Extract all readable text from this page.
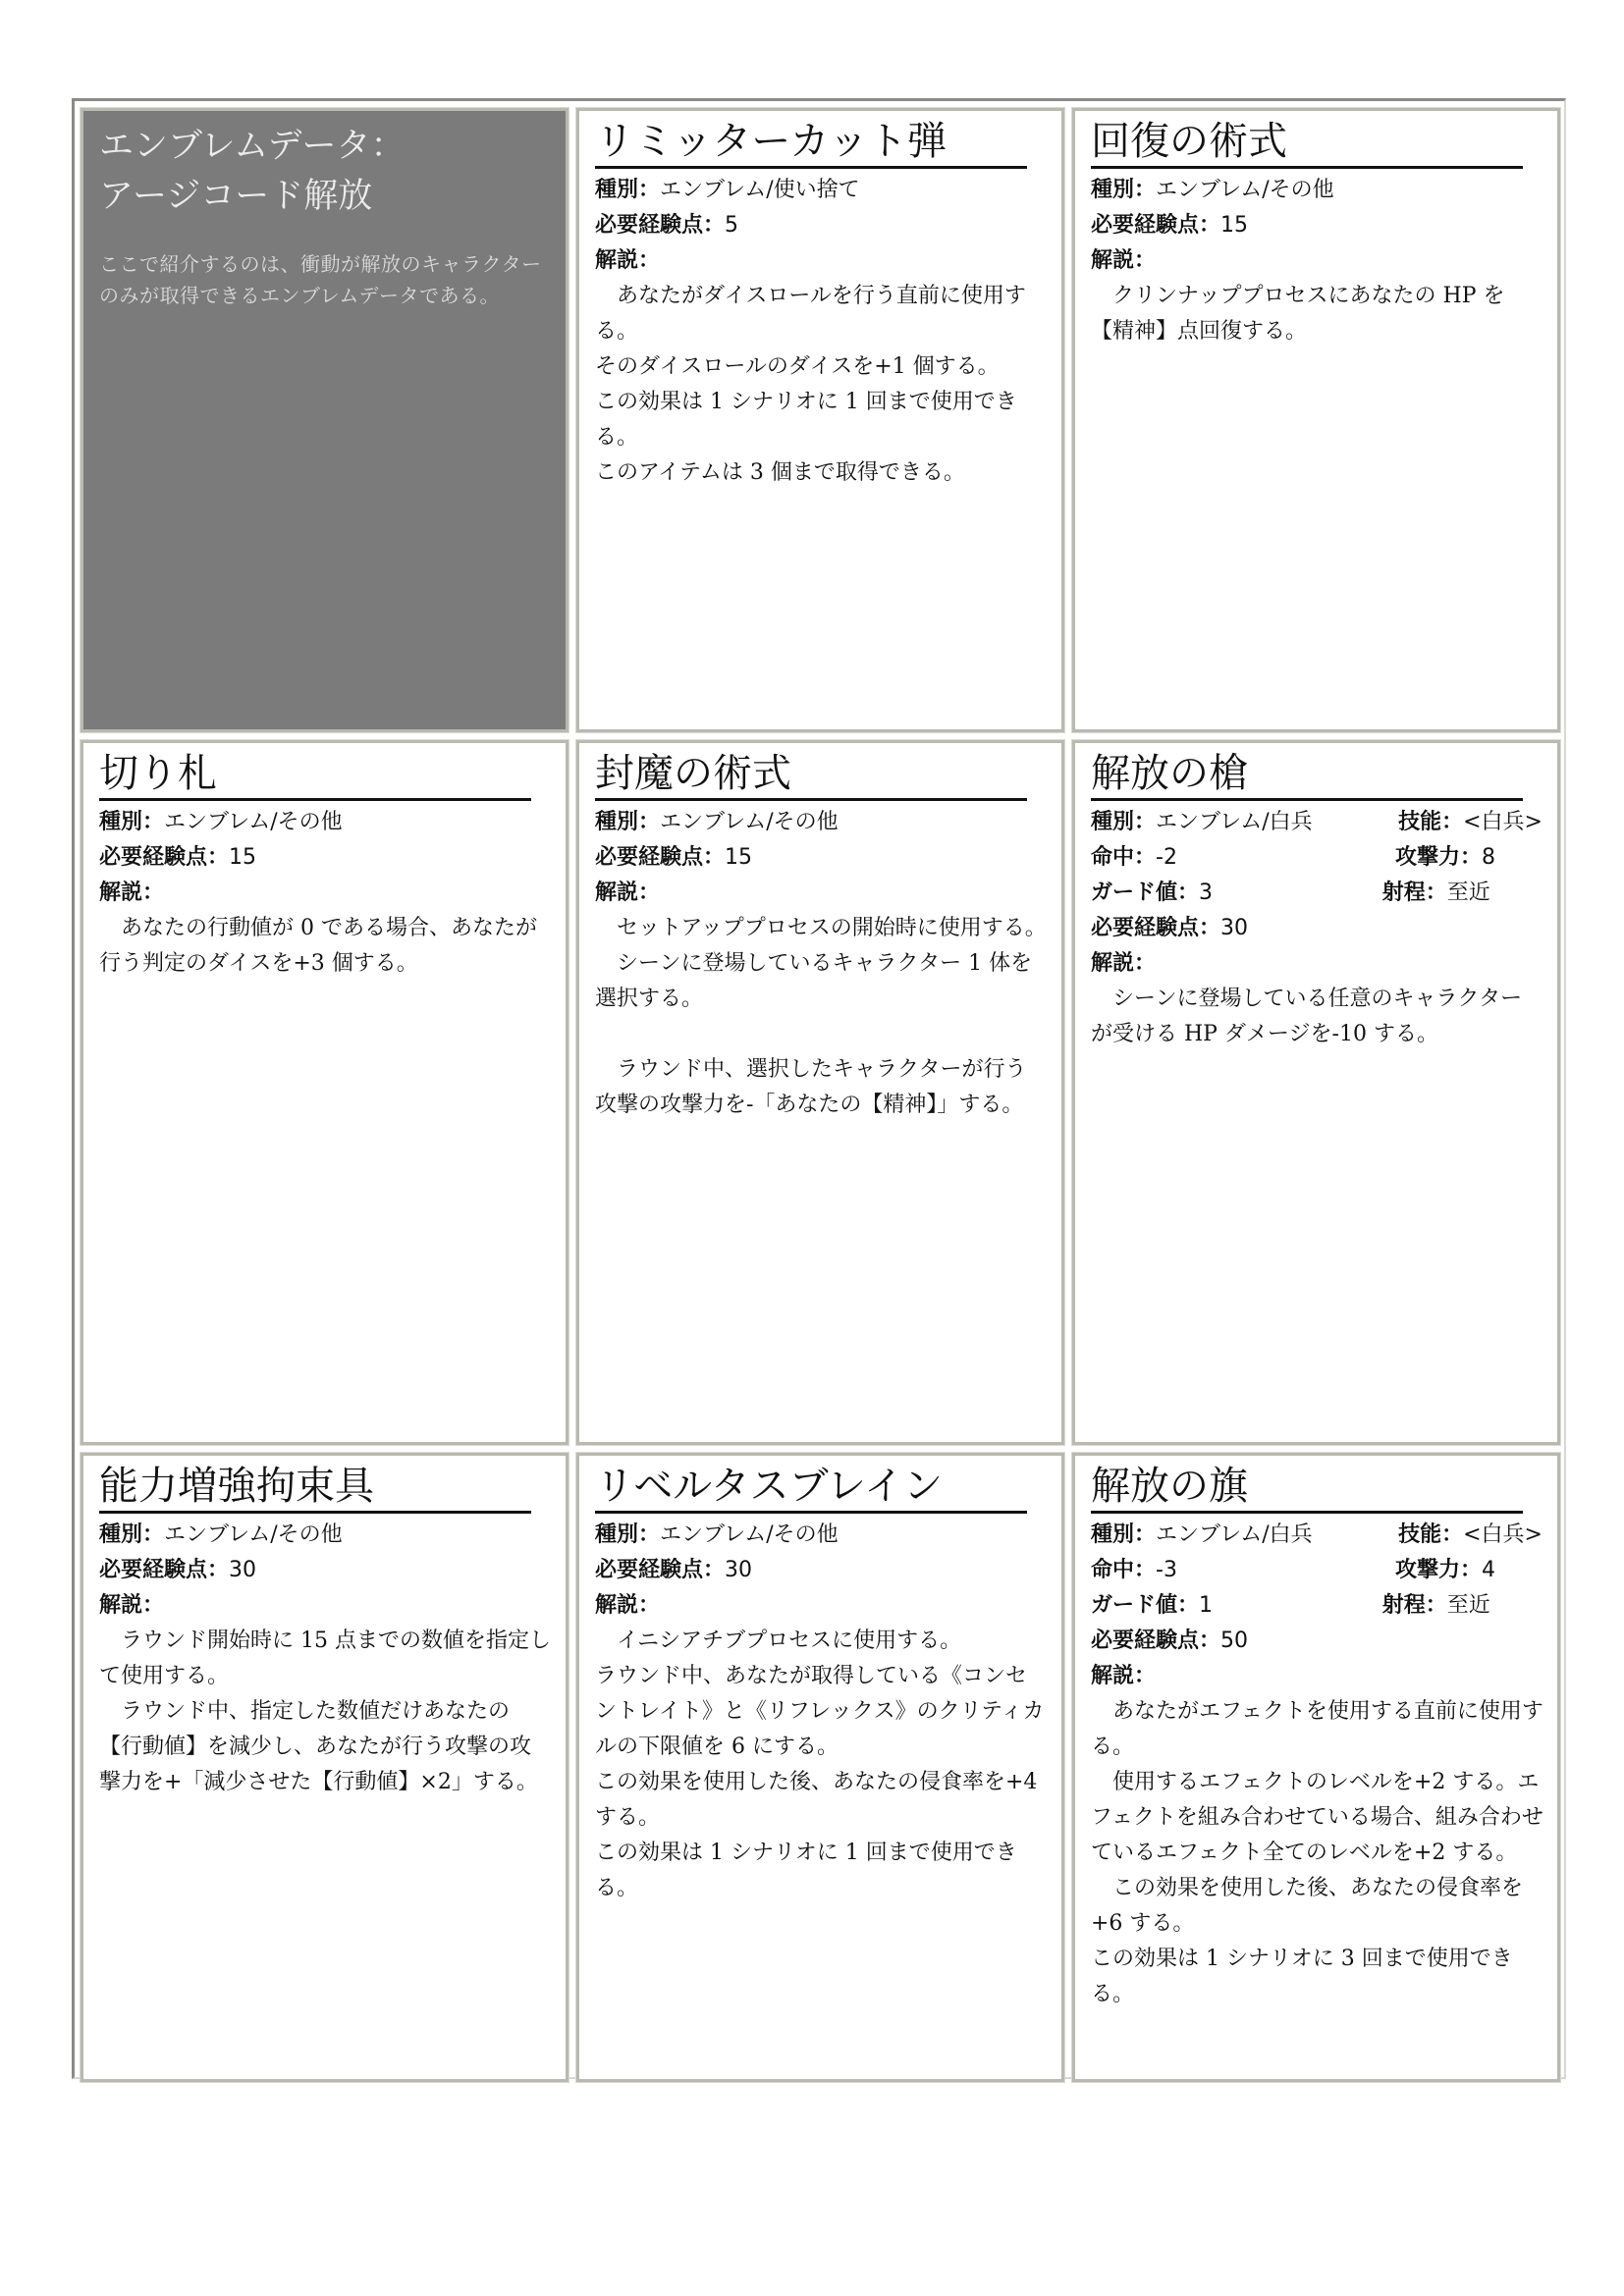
エンブレムデータ：
アージコード解放
ここで紹介するのは、衝動が解放のキャラクターのみが取得できるエンブレムデータである。
リミッターカット弾
種別：エンブレム/使い捨て
必要経験点：5
解説：

　あなたがダイスロールを行う直前に使用する。

そのダイスロールのダイスを+1 個する。

この効果は 1 シナリオに 1 回まで使用できる。

このアイテムは 3 個まで取得できる。

回復の術式
種別：エンブレム/その他
必要経験点：15
解説：

　クリンナッププロセスにあなたの HP を【精神】点回復する。

切り札
種別：エンブレム/その他
必要経験点：15
解説：

　あなたの行動値が 0 である場合、あなたが行う判定のダイスを+3 個する。

封魔の術式
種別：エンブレム/その他
必要経験点：15
解説：

　セットアッププロセスの開始時に使用する。

　シーンに登場しているキャラクター 1 体を選択する。

　ラウンド中、選択したキャラクターが行う攻撃の攻撃力を-「あなたの【精神】」する。

解放の槍
種別：エンブレム/白兵	技能：<白兵>
命中：-2	攻撃力：8
ガード値：3	射程：至近
必要経験点：30
解説：

　シーンに登場している任意のキャラクターが受ける HP ダメージを-10 する。

能力増強拘束具
種別：エンブレム/その他
必要経験点：30
解説：

　ラウンド開始時に 15 点までの数値を指定して使用する。

　ラウンド中、指定した数値だけあなたの【行動値】を減少し、あなたが行う攻撃の攻撃力を+「減少させた【行動値】×2」する。

リベルタスブレイン
種別：エンブレム/その他
必要経験点：30
解説：

　イニシアチブプロセスに使用する。

ラウンド中、あなたが取得している《コンセントレイト》と《リフレックス》のクリティカルの下限値を 6 にする。

この効果を使用した後、あなたの侵食率を+4 する。

この効果は 1 シナリオに 1 回まで使用できる。

解放の旗
種別：エンブレム/白兵	技能：<白兵>
命中：-3	攻撃力：4
ガード値：1	射程：至近
必要経験点：50
解説：

　あなたがエフェクトを使用する直前に使用する。

　使用するエフェクトのレベルを+2 する。エフェクトを組み合わせている場合、組み合わせているエフェクト全てのレベルを+2 する。

　この効果を使用した後、あなたの侵食率を+6 する。

この効果は 1 シナリオに 3 回まで使用できる。
